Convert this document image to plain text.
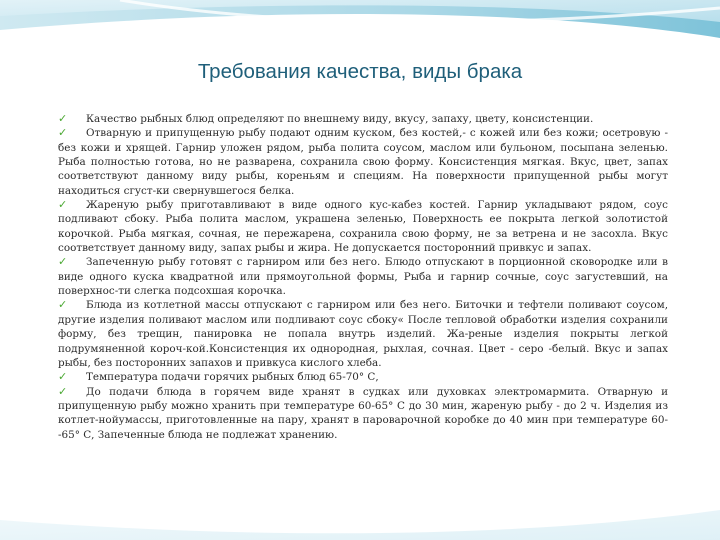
Требования качества, виды брака

✓ Качество рыбных блюд определяют по внешнему виду, вкусу, запаху, цвету, консистенции.

✓ Отварную и припущенную рыбу подают одним куском, без костей,- с кожей или без кожи; осетровую - без кожи и хрящей. Гарнир уложен рядом, рыба полита соусом, маслом или бульоном, посыпана зеленью. Рыба полностью готова, но не разварена, сохранила свою форму. Консистенция мягкая. Вкус, цвет, запах соответствуют данному виду рыбы, кореньям и специям. На поверхности припущенной рыбы могут находиться сгуст-ки свернувшегося белка.

✓ Жареную рыбу приготавливают в виде одного кус-кабез костей. Гарнир укладывают рядом, соус подливают сбоку. Рыба полита маслом, украшена зеленью, Поверхность ее покрыта легкой золотистой корочкой. Рыба мягкая, сочная, не пережарена, сохранила свою форму, не за ветрена и не засохла. Вкус соответствует данному виду, запах рыбы и жира. Не допускается посторонний привкус и запах.

✓ Запеченную рыбу готовят с гарниром или без него. Блюдо отпускают в порционной сковородке или в виде одного куска квадратной или прямоугольной формы, Рыба и гарнир сочные, соус загустевший, на поверхнос-ти слегка подсохшая корочка.

✓ Блюда из котлетной массы отпускают с гарниром или без него. Биточки и тефтели поливают соусом, другие изделия поливают маслом или подливают соус сбоку« После тепловой обработки изделия сохранили форму, без трещин, панировка не попала внутрь изделий. Жа-реные изделия покрыты легкой подрумяненной короч-кой.Консистенция их однородная, рыхлая, сочная. Цвет - серо -белый. Вкус и запах рыбы, без посторонних запахов и привкуса кислого хлеба.

✓ Температура подачи горячих рыбных блюд 65-70° С,

✓ До подачи блюда в горячем виде хранят в судках или духовках электромармита. Отварную и припущенную рыбу можно хранить при температуре 60-65° С до 30 мин, жареную рыбу - до 2 ч. Изделия из котлет-нойумассы, приготовленные на пару, хранят в пароварочной коробке до 40 мин при температуре 60--65° С, Запеченные блюда не подлежат хранению.
